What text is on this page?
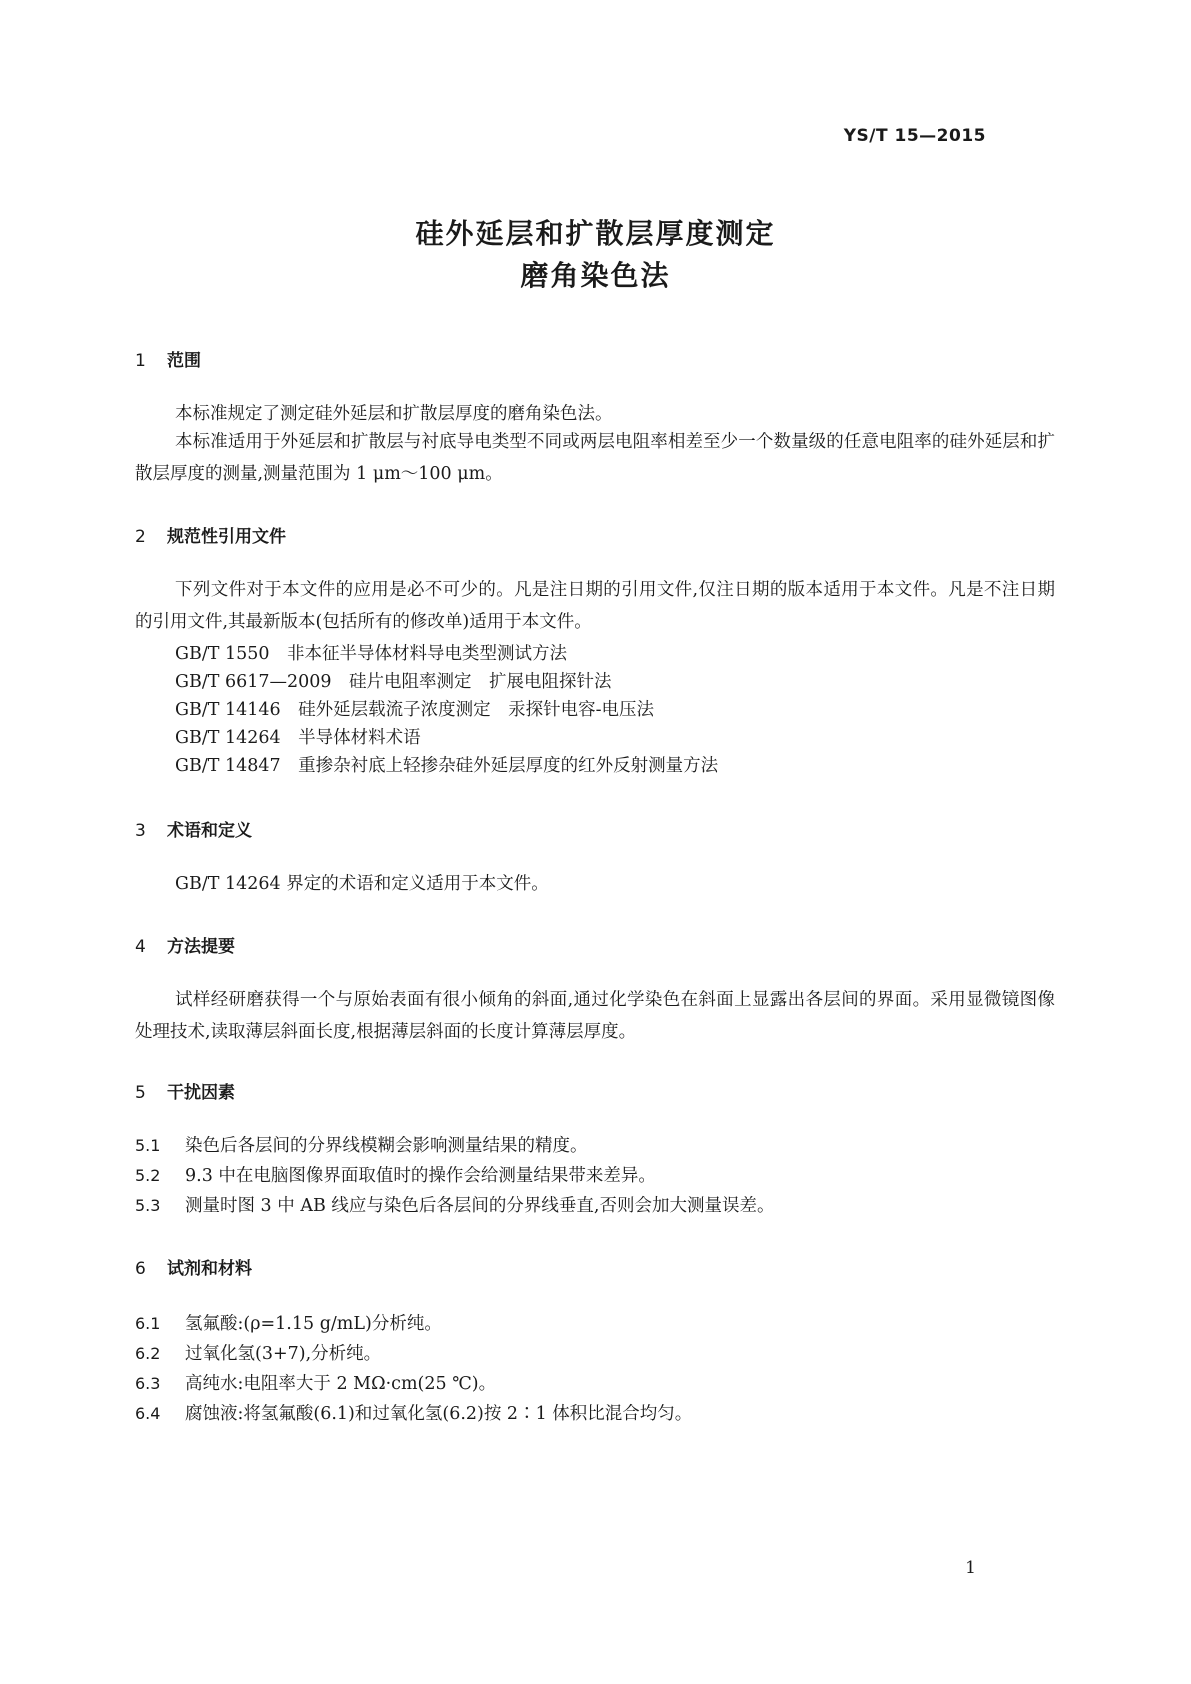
YS/T 15—2015
硅外延层和扩散层厚度测定
磨角染色法
1 范围
本标准规定了测定硅外延层和扩散层厚度的磨角染色法。
本标准适用于外延层和扩散层与衬底导电类型不同或两层电阻率相差至少一个数量级的任意电阻率的硅外延层和扩散层厚度的测量,测量范围为 1 μm～100 μm。
2 规范性引用文件
下列文件对于本文件的应用是必不可少的。凡是注日期的引用文件,仅注日期的版本适用于本文件。凡是不注日期的引用文件,其最新版本(包括所有的修改单)适用于本文件。
GB/T 1550　非本征半导体材料导电类型测试方法
GB/T 6617—2009　硅片电阻率测定　扩展电阻探针法
GB/T 14146　硅外延层载流子浓度测定　汞探针电容-电压法
GB/T 14264　半导体材料术语
GB/T 14847　重掺杂衬底上轻掺杂硅外延层厚度的红外反射测量方法
3 术语和定义
GB/T 14264 界定的术语和定义适用于本文件。
4 方法提要
试样经研磨获得一个与原始表面有很小倾角的斜面,通过化学染色在斜面上显露出各层间的界面。采用显微镜图像处理技术,读取薄层斜面长度,根据薄层斜面的长度计算薄层厚度。
5 干扰因素
5.1 染色后各层间的分界线模糊会影响测量结果的精度。
5.2 9.3 中在电脑图像界面取值时的操作会给测量结果带来差异。
5.3 测量时图 3 中 AB 线应与染色后各层间的分界线垂直,否则会加大测量误差。
6 试剂和材料
6.1 氢氟酸:(ρ=1.15 g/mL)分析纯。
6.2 过氧化氢(3+7),分析纯。
6.3 高纯水:电阻率大于 2 MΩ·cm(25 ℃)。
6.4 腐蚀液:将氢氟酸(6.1)和过氧化氢(6.2)按 2∶1 体积比混合均匀。
1
